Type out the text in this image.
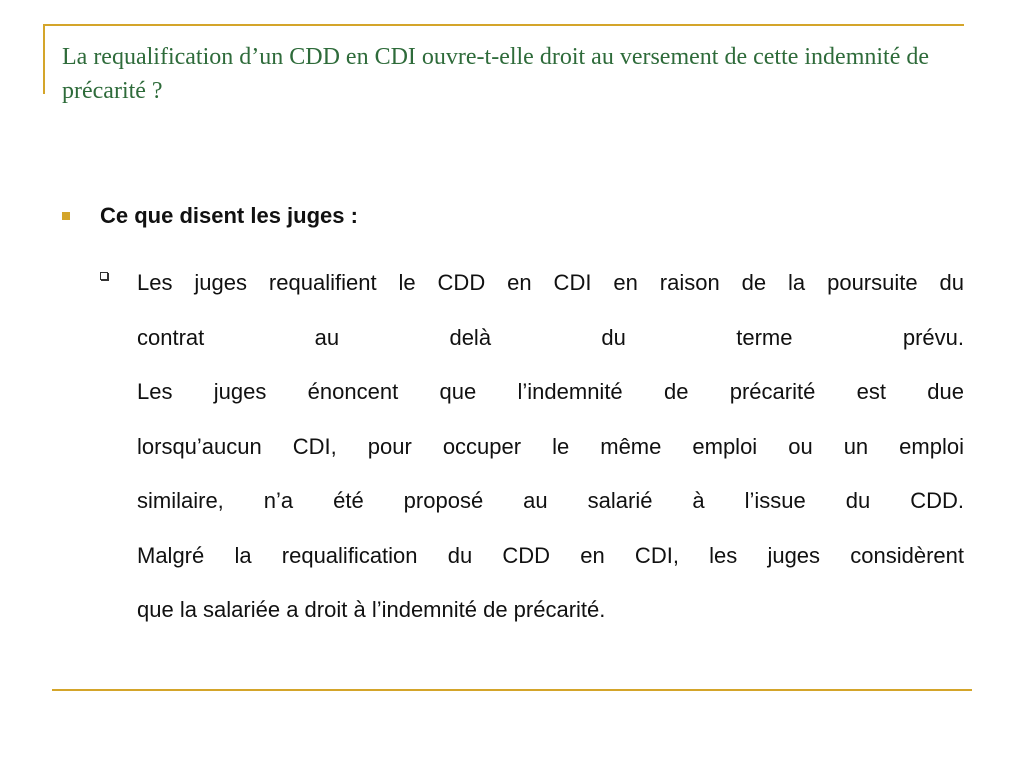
La requalification d’un CDD en CDI ouvre-t-elle droit au versement de cette indemnité de précarité ?
Ce que disent les juges :
Les juges requalifient le CDD en CDI en raison de la poursuite du
contrat au delà du terme prévu.
Les juges énoncent que l’indemnité de précarité est due
lorsqu’aucun CDI, pour occuper le même emploi ou un emploi
similaire, n’a été proposé au salarié à l’issue du CDD.
Malgré la requalification du CDD en CDI, les juges considèrent
que la salariée a droit à l’indemnité de précarité.
